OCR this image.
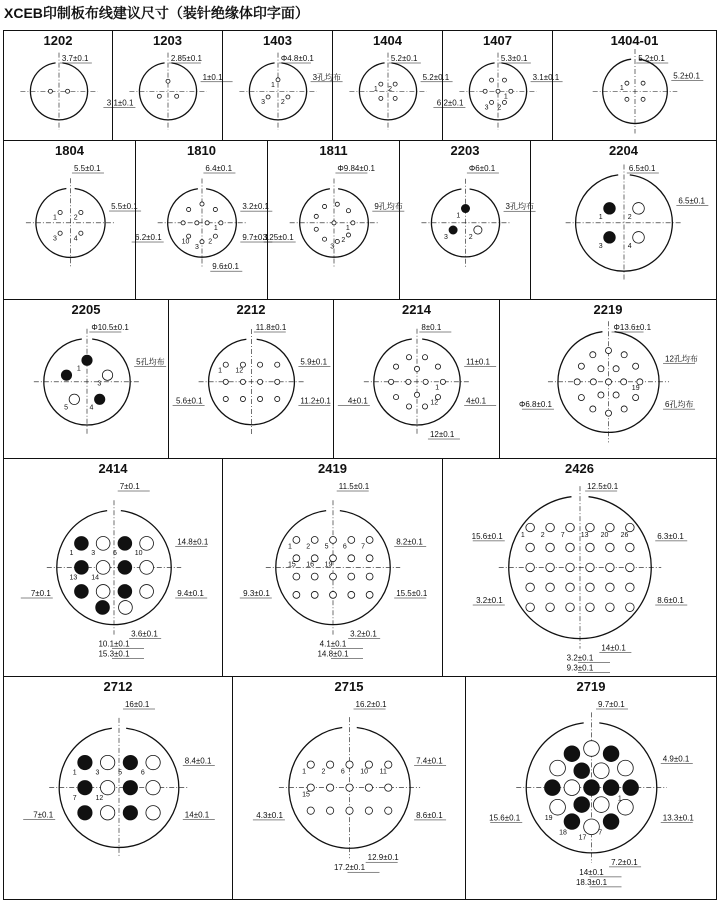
XCEB印制板布线建议尺寸（装针绝缘体印字面）
1202
3.7±0.1
1203
2.85±0.1
1±0.1
3.1±0.1
1403
1
2
3
Φ4.8±0.1
3孔均布
1404
1 2
5.2±0.1
5.2±0.1
1407
1
2
3
5.3±0.1
3.1±0.1
6.2±0.1
1404-01
1
5.2±0.1
5.2±0.1
1804
1 2
3 4
5.5±0.1
5.5±0.1
1810
1
2
3
10
6.4±0.1
3.2±0.1
6.2±0.1	9.7±0.1
9.6±0.1
1811
1
2
3
Φ9.84±0.1
9孔均布
3.25±0.1
2203
1
2
3
Φ6±0.1
3孔均布
2204
1	2
3	4
6.5±0.1
6.5±0.1
2205
1
3
4
5
Φ10.5±0.1
5孔均布
2212
1 12
11.8±0.1
5.9±0.1
5.6±0.1	11.2±0.1
2214
1
12
8±0.1
11±0.1
4±0.1	4±0.1
12±0.1
2219
19
Φ13.6±0.1
12孔均布
Φ6.8±0.1	6孔均布
2414
1	3	6	10
13 14
7±0.1
14.8±0.1
7±0.1	9.4±0.1
3.6±0.1
10.1±0.1
15.3±0.1
2419
1 2 5 6 7
15 16 19
11.5±0.1
8.2±0.1
9.3±0.1	15.5±0.1
3.2±0.1
4.1±0.1
14.8±0.1
2426
1 2 7 13 20 26
12.5±0.1
6.3±0.1
3.2±0.1	8.6±0.1
14±0.1
3.2±0.1
9.3±0.1
15.6±0.1
2712
1	3	5	6
7	12
16±0.1
8.4±0.1
7±0.1	14±0.1
2715
1 2 6 10 11
15
16.2±0.1
7.4±0.1
4.3±0.1	8.6±0.1
12.9±0.1
17.2±0.1
2719
1
2
7
17
18
19
9.7±0.1
4.9±0.1
15.6±0.1	13.3±0.1
7.2±0.1
14±0.1
18.3±0.1
